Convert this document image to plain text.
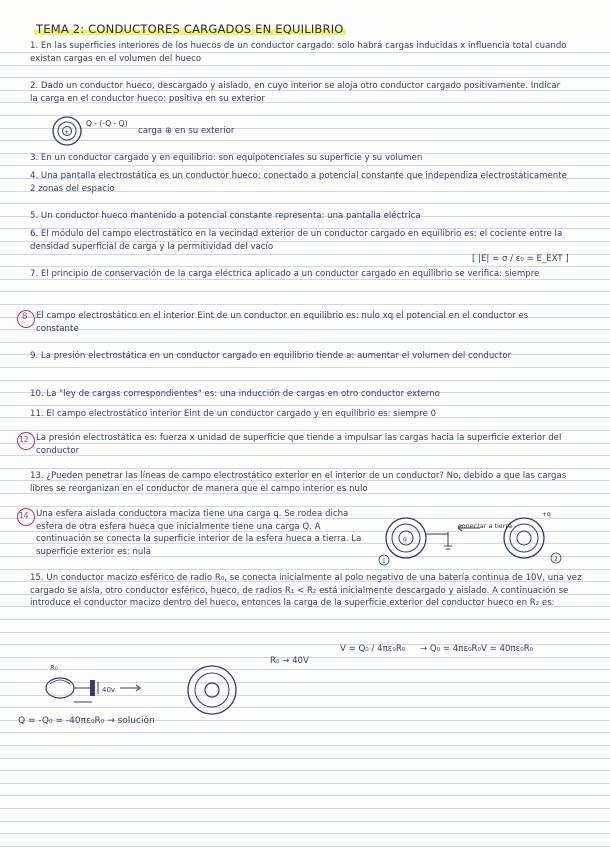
TEMA 2: CONDUCTORES CARGADOS EN EQUILIBRIO
1. En las superficies interiores de los huecos de un conductor cargado: solo habrá cargas inducidas x influencia total cuando existan cargas en el volumen del hueco
2. Dado un conductor hueco, descargado y aislado, en cuyo interior se aloja otro conductor cargado positivamente. Indicar la carga en el conductor hueco: positiva en su exterior
+
Q - (-Q - Q)
carga ⊕ en su exterior
3. En un conductor cargado y en equilibrio: son equipotenciales su superficie y su volumen
4. Una pantalla electrostática es un conductor hueco: conectado a potencial constante que independiza electrostáticamente 2 zonas del espacio
5. Un conductor hueco mantenido a potencial constante representa: una pantalla eléctrica
6. El módulo del campo electrostático en la vecindad exterior de un conductor cargado en equilibrio es: el cociente entre la densidad superficial de carga y la permitividad del vacío
[ |E| = σ / ε₀ = E_EXT ]
7. El principio de conservación de la carga eléctrica aplicado a un conductor cargado en equilibrio se verifica: siempre
8 El campo electrostático en el interior Eint de un conductor en equilibrio es: nulo xq el potencial en el conductor es constante
9. La presión electrostática en un conductor cargado en equilibrio tiende a: aumentar el volumen del conductor
10. La "ley de cargas correspondientes" es: una inducción de cargas en otro conductor externo
11. El campo electrostático interior Eint de un conductor cargado y en equilibrio es: siempre 0
12 La presión electrostática es: fuerza x unidad de superficie que tiende a impulsar las cargas hacia la superficie exterior del conductor
13. ¿Pueden penetrar las líneas de campo electrostático exterior en el interior de un conductor? No, debido a que las cargas libres se reorganizan en el conductor de manera que el campo interior es nulo
14 Una esfera aislada conductora maciza tiene una carga q. Se rodea dicha esfera de otra esfera hueca que inicialmente tiene una carga Q. A continuación se conecta la superficie interior de la esfera hueca a tierra. La superficie exterior es: nula
1	2
q
+q
conectar a tierra
15. Un conductor macizo esférico de radio R₀, se conecta inicialmente al polo negativo de una batería continua de 10V, una vez cargado se aísla, otro conductor esférico, hueco, de radios R₁ < R₂ está inicialmente descargado y aislado. A continuación se introduce el conductor macizo dentro del hueco, entonces la carga de la superficie exterior del conductor hueco en R₂ es:
R₀ → 40V
V = Q₀ / 4πε₀R₀ → Q₀ = 4πε₀R₀V = 40πε₀R₀
R₀
40v
Q = -Q₀ = -40πε₀R₀ → solución
